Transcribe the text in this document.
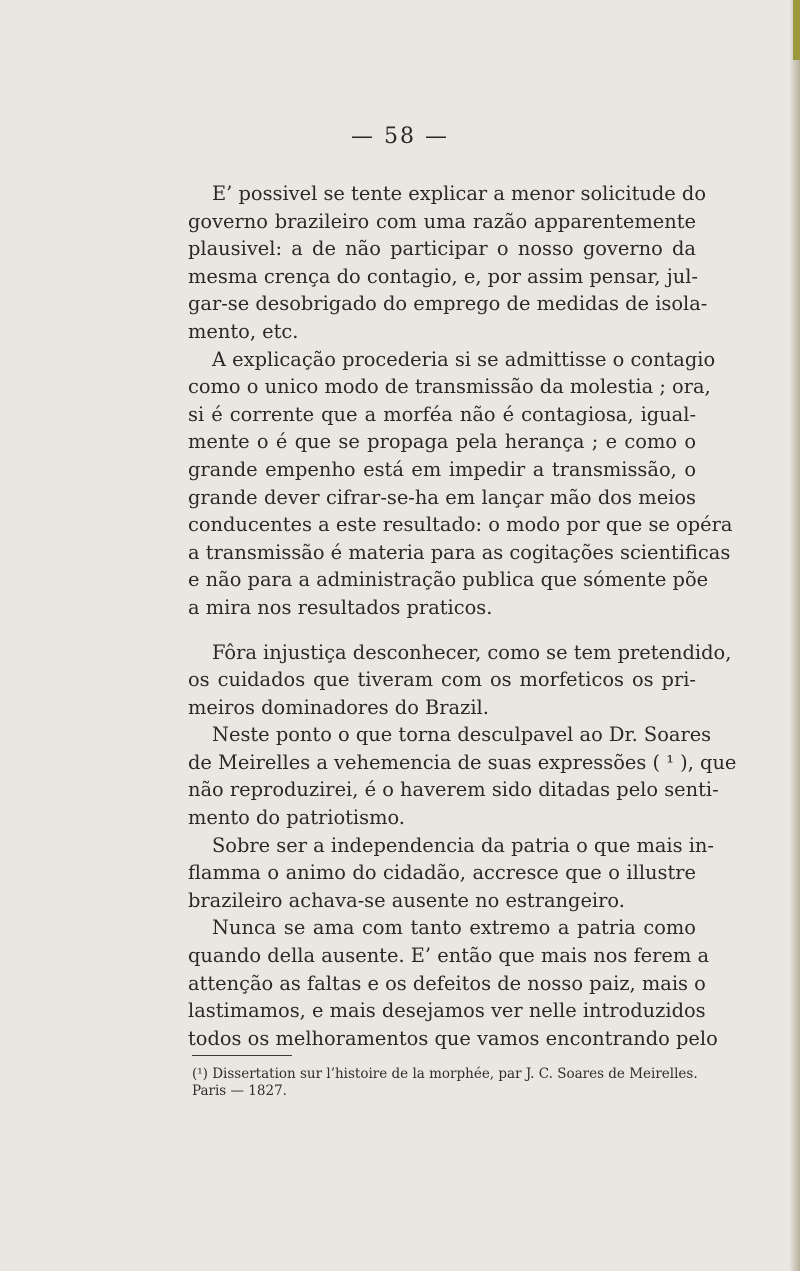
— 58 —
E’ possivel se tente explicar a menor solicitude do
governo brazileiro com uma razão apparentemente
plausivel: a de não participar o nosso governo da
mesma crença do contagio, e, por assim pensar, jul-
gar-se desobrigado do emprego de medidas de isola-
mento, etc.
A explicação procederia si se admittisse o contagio
como o unico modo de transmissão da molestia ; ora,
si é corrente que a morféa não é contagiosa, igual-
mente o é que se propaga pela herança ; e como o
grande empenho está em impedir a transmissão, o
grande dever cifrar-se-ha em lançar mão dos meios
conducentes a este resultado: o modo por que se opéra
a transmissão é materia para as cogitações scientificas
e não para a administração publica que sómente põe
a mira nos resultados praticos.
Fôra injustiça desconhecer, como se tem pretendido,
os cuidados que tiveram com os morfeticos os pri-
meiros dominadores do Brazil.
Neste ponto o que torna desculpavel ao Dr. Soares
de Meirelles a vehemencia de suas expressões ( ¹ ), que
não reproduzirei, é o haverem sido ditadas pelo senti-
mento do patriotismo.
Sobre ser a independencia da patria o que mais in-
flamma o animo do cidadão, accresce que o illustre
brazileiro achava-se ausente no estrangeiro.
Nunca se ama com tanto extremo a patria como
quando della ausente. E’ então que mais nos ferem a
attenção as faltas e os defeitos de nosso paiz, mais o
lastimamos, e mais desejamos ver nelle introduzidos
todos os melhoramentos que vamos encontrando pelo
(¹) Dissertation sur l’histoire de la morphée, par J. C. Soares de Meirelles.
Paris — 1827.
